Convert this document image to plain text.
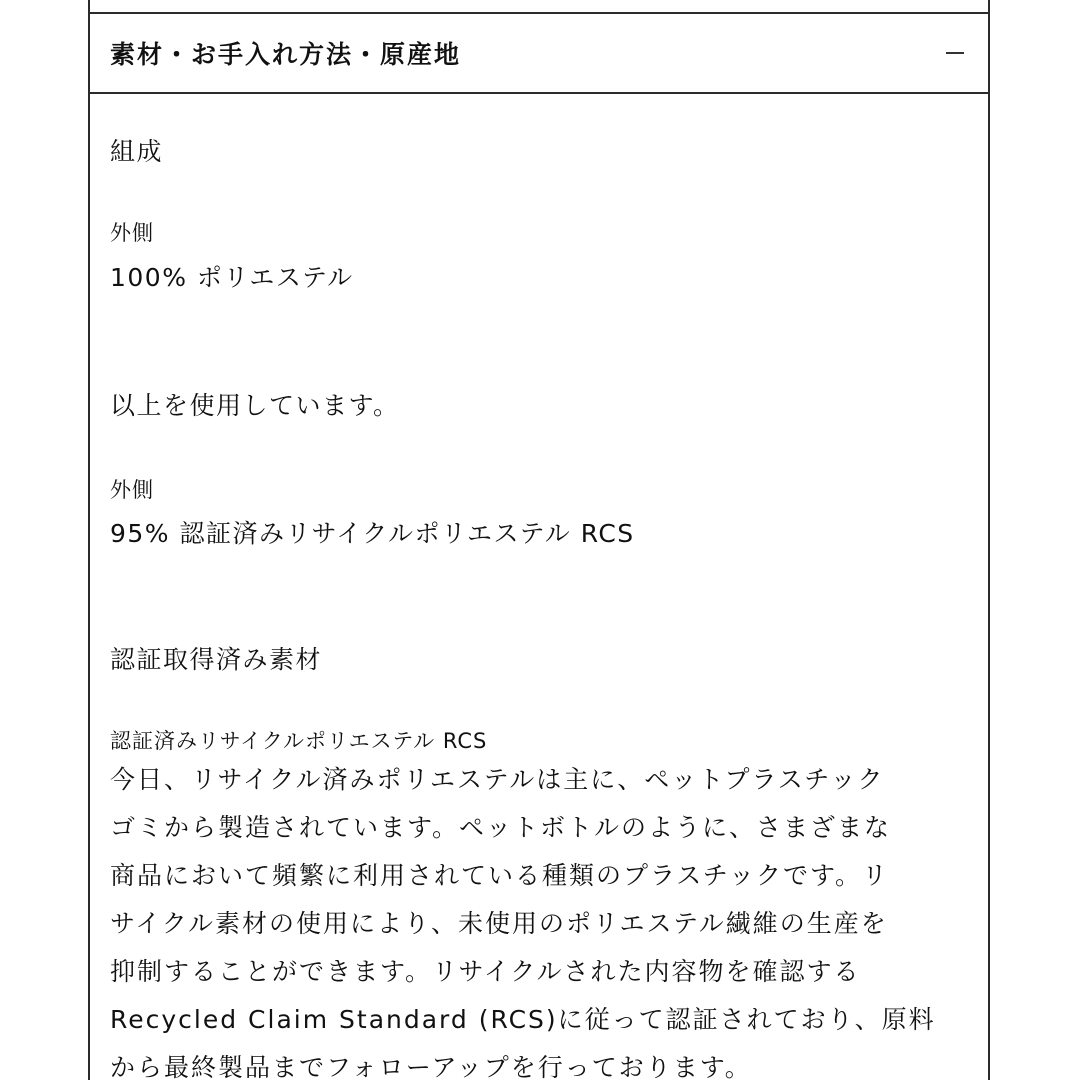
素材・お手入れ方法・原産地
組成
外側
100% ポリエステル
以上を使用しています。
外側
95% 認証済みリサイクルポリエステル RCS
認証取得済み素材
認証済みリサイクルポリエステル RCS
今日、リサイクル済みポリエステルは主に、ペットプラスチック
ゴミから製造されています。ペットボトルのように、さまざまな
商品において頻繁に利用されている種類のプラスチックです。リ
サイクル素材の使用により、未使用のポリエステル繊維の生産を
抑制することができます。リサイクルされた内容物を確認する
Recycled Claim Standard (RCS)に従って認証されており、原料
から最終製品までフォローアップを行っております。
